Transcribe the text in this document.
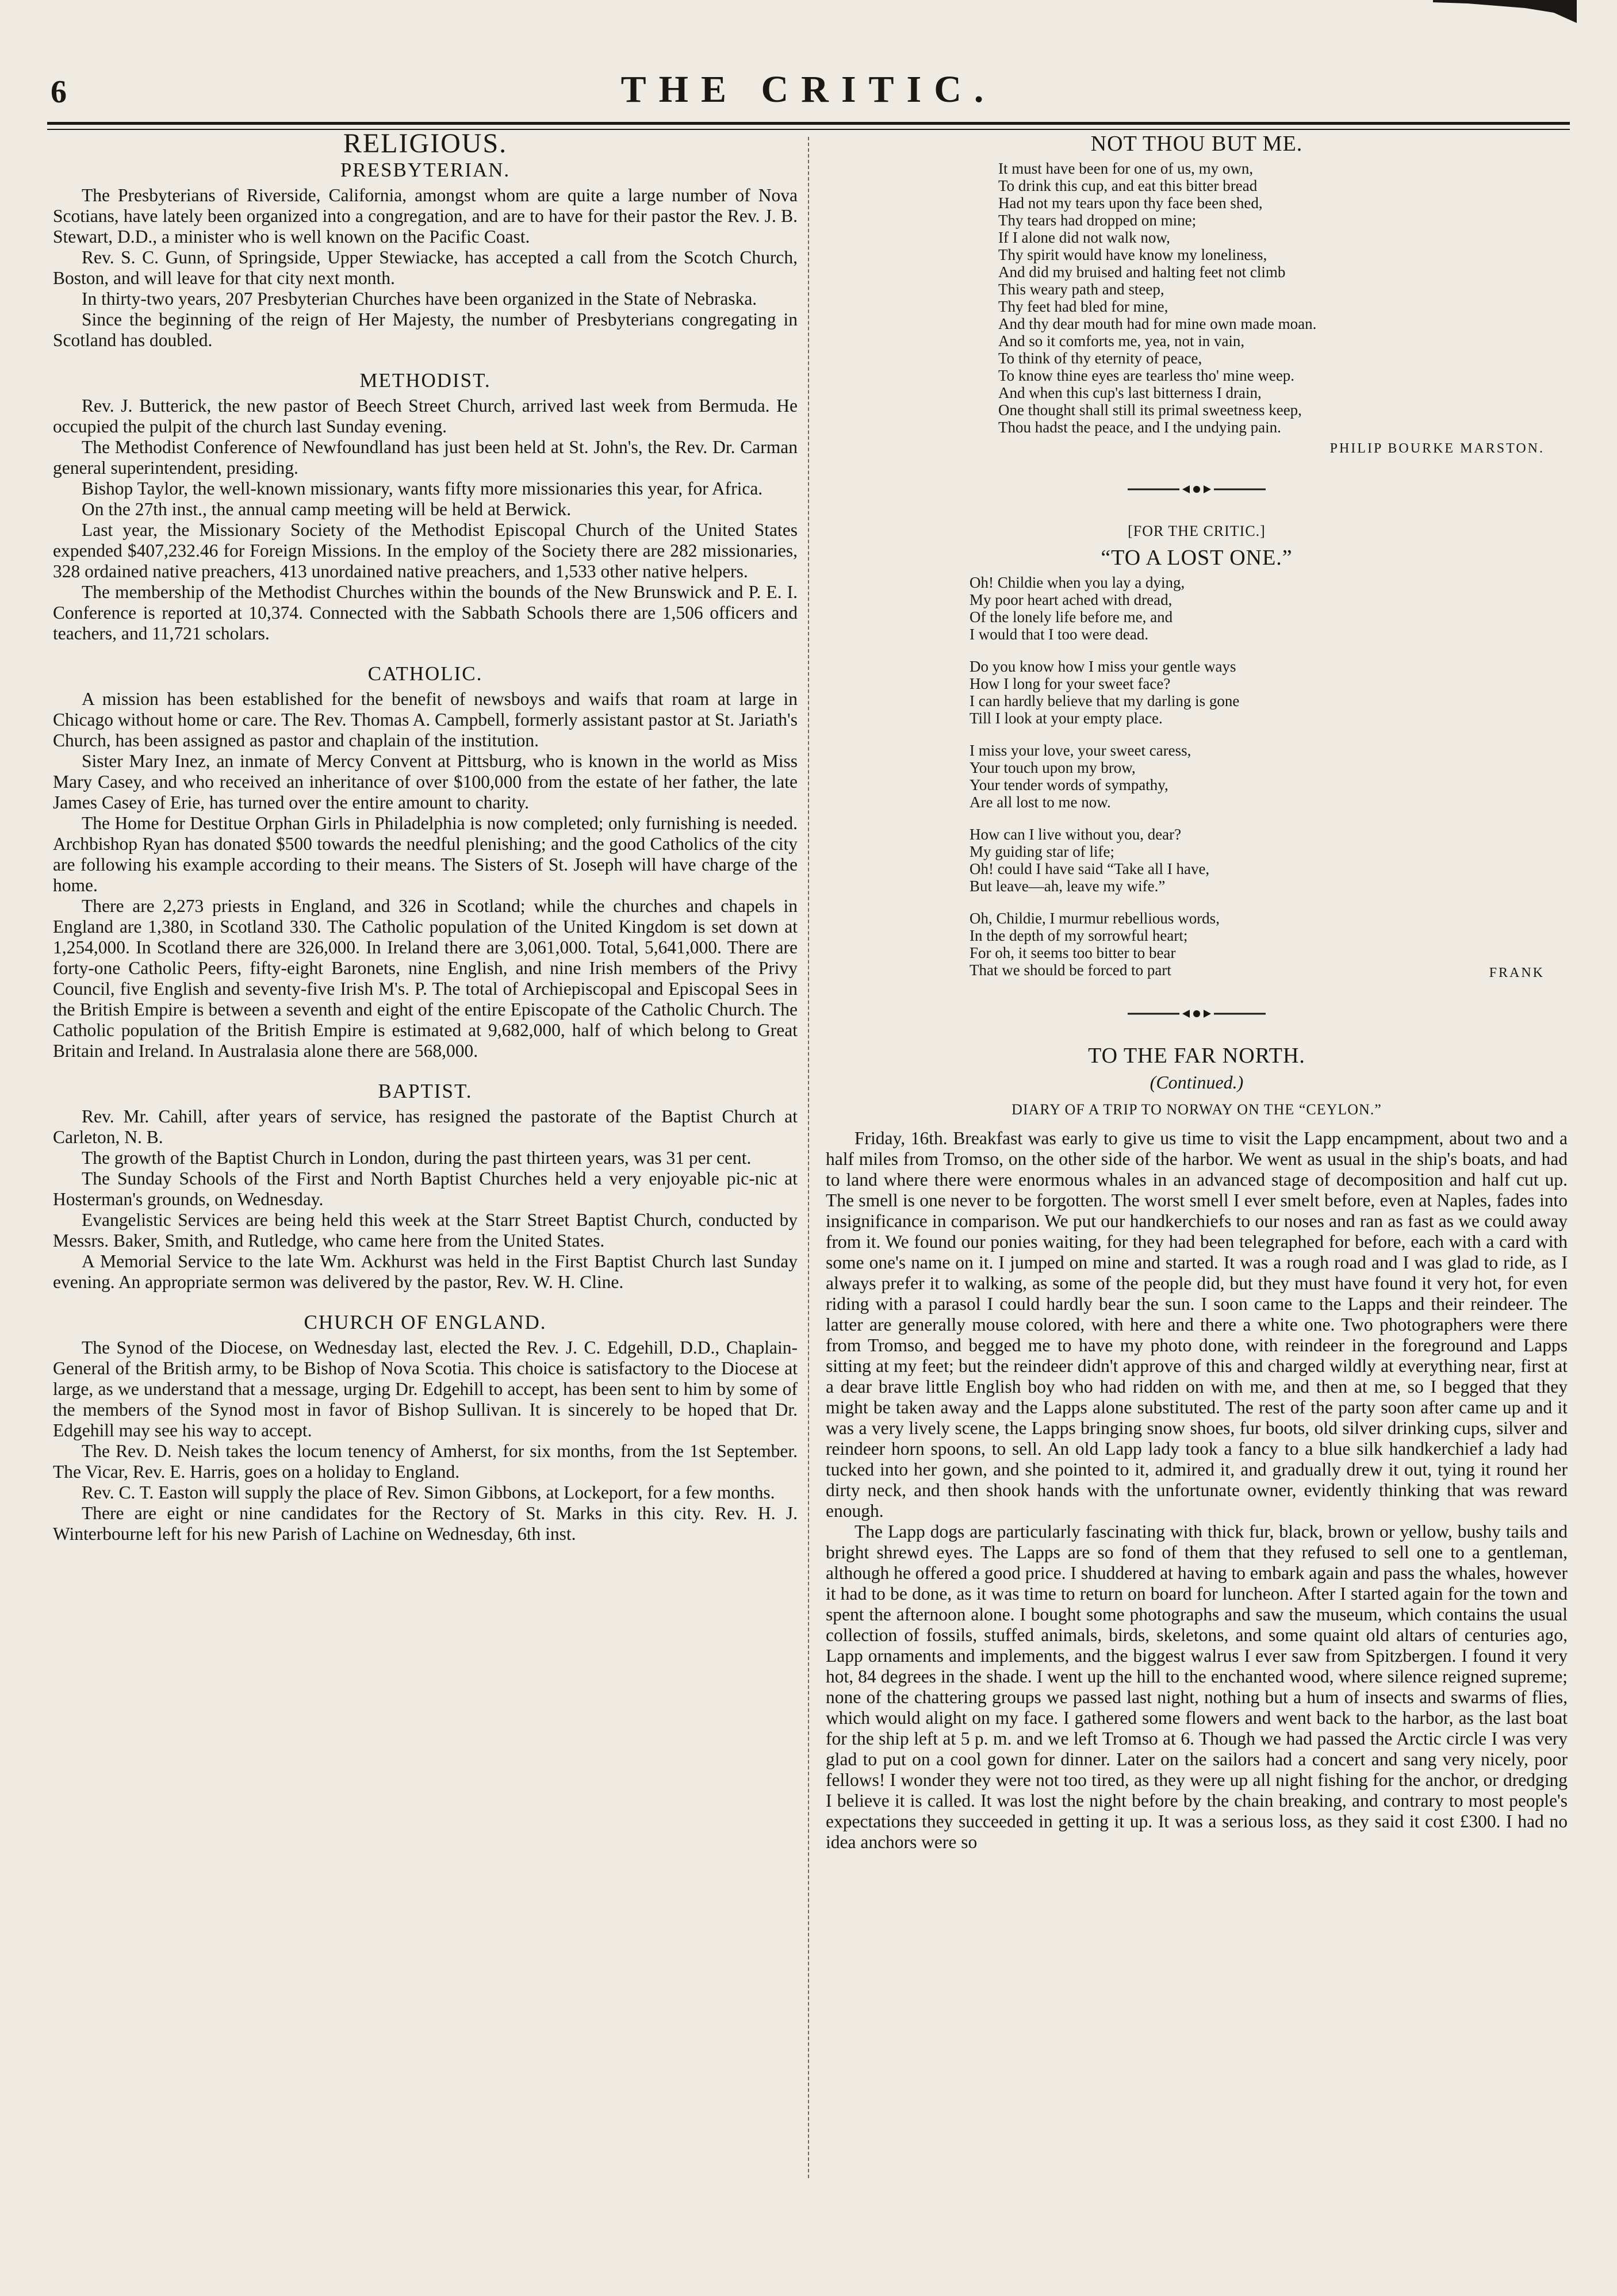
6	THE CRITIC.
RELIGIOUS.
PRESBYTERIAN.

The Presbyterians of Riverside, California, amongst whom are quite a large number of Nova Scotians, have lately been organized into a congregation, and are to have for their pastor the Rev. J. B. Stewart, D.D., a minister who is well known on the Pacific Coast.

Rev. S. C. Gunn, of Springside, Upper Stewiacke, has accepted a call from the Scotch Church, Boston, and will leave for that city next month.

In thirty-two years, 207 Presbyterian Churches have been organized in the State of Nebraska.

Since the beginning of the reign of Her Majesty, the number of Presbyterians congregating in Scotland has doubled.

METHODIST.

Rev. J. Butterick, the new pastor of Beech Street Church, arrived last week from Bermuda. He occupied the pulpit of the church last Sunday evening.

The Methodist Conference of Newfoundland has just been held at St. John's, the Rev. Dr. Carman general superintendent, presiding.

Bishop Taylor, the well-known missionary, wants fifty more missionaries this year, for Africa.

On the 27th inst., the annual camp meeting will be held at Berwick.

Last year, the Missionary Society of the Methodist Episcopal Church of the United States expended $407,232.46 for Foreign Missions. In the employ of the Society there are 282 missionaries, 328 ordained native preachers, 413 unordained native preachers, and 1,533 other native helpers.

The membership of the Methodist Churches within the bounds of the New Brunswick and P. E. I. Conference is reported at 10,374. Connected with the Sabbath Schools there are 1,506 officers and teachers, and 11,721 scholars.

CATHOLIC.

A mission has been established for the benefit of newsboys and waifs that roam at large in Chicago without home or care. The Rev. Thomas A. Campbell, formerly assistant pastor at St. Jariath's Church, has been assigned as pastor and chaplain of the institution.

Sister Mary Inez, an inmate of Mercy Convent at Pittsburg, who is known in the world as Miss Mary Casey, and who received an inheritance of over $100,000 from the estate of her father, the late James Casey of Erie, has turned over the entire amount to charity.

The Home for Destitue Orphan Girls in Philadelphia is now completed; only furnishing is needed. Archbishop Ryan has donated $500 towards the needful plenishing; and the good Catholics of the city are following his example according to their means. The Sisters of St. Joseph will have charge of the home.

There are 2,273 priests in England, and 326 in Scotland; while the churches and chapels in England are 1,380, in Scotland 330. The Catholic population of the United Kingdom is set down at 1,254,000. In Scotland there are 326,000. In Ireland there are 3,061,000. Total, 5,641,000. There are forty-one Catholic Peers, fifty-eight Baronets, nine English, and nine Irish members of the Privy Council, five English and seventy-five Irish M's. P. The total of Archiepiscopal and Episcopal Sees in the British Empire is between a seventh and eight of the entire Episcopate of the Catholic Church. The Catholic population of the British Empire is estimated at 9,682,000, half of which belong to Great Britain and Ireland. In Australasia alone there are 568,000.

BAPTIST.

Rev. Mr. Cahill, after years of service, has resigned the pastorate of the Baptist Church at Carleton, N. B.

The growth of the Baptist Church in London, during the past thirteen years, was 31 per cent.

The Sunday Schools of the First and North Baptist Churches held a very enjoyable pic-nic at Hosterman's grounds, on Wednesday.

Evangelistic Services are being held this week at the Starr Street Baptist Church, conducted by Messrs. Baker, Smith, and Rutledge, who came here from the United States.

A Memorial Service to the late Wm. Ackhurst was held in the First Baptist Church last Sunday evening. An appropriate sermon was delivered by the pastor, Rev. W. H. Cline.

CHURCH OF ENGLAND.

The Synod of the Diocese, on Wednesday last, elected the Rev. J. C. Edgehill, D.D., Chaplain-General of the British army, to be Bishop of Nova Scotia. This choice is satisfactory to the Diocese at large, as we understand that a message, urging Dr. Edgehill to accept, has been sent to him by some of the members of the Synod most in favor of Bishop Sullivan. It is sincerely to be hoped that Dr. Edgehill may see his way to accept.

The Rev. D. Neish takes the locum tenency of Amherst, for six months, from the 1st September. The Vicar, Rev. E. Harris, goes on a holiday to England.

Rev. C. T. Easton will supply the place of Rev. Simon Gibbons, at Lockeport, for a few months.

There are eight or nine candidates for the Rectory of St. Marks in this city. Rev. H. J. Winterbourne left for his new Parish of Lachine on Wednesday, 6th inst.

NOT THOU BUT ME.
It must have been for one of us, my own,
To drink this cup, and eat this bitter bread
Had not my tears upon thy face been shed,
Thy tears had dropped on mine;
If I alone did not walk now,
Thy spirit would have know my loneliness,
And did my bruised and halting feet not climb
This weary path and steep,
Thy feet had bled for mine,
And thy dear mouth had for mine own made moan.
And so it comforts me, yea, not in vain,
To think of thy eternity of peace,
To know thine eyes are tearless tho' mine weep.
And when this cup's last bitterness I drain,
One thought shall still its primal sweetness keep,
Thou hadst the peace, and I the undying pain.
PHILIP BOURKE MARSTON.
[FOR THE CRITIC.]
“TO A LOST ONE.”
Oh! Childie when you lay a dying,
My poor heart ached with dread,
Of the lonely life before me, and
I would that I too were dead.
Do you know how I miss your gentle ways
How I long for your sweet face?
I can hardly believe that my darling is gone
Till I look at your empty place.
I miss your love, your sweet caress,
Your touch upon my brow,
Your tender words of sympathy,
Are all lost to me now.
How can I live without you, dear?
My guiding star of life;
Oh! could I have said “Take all I have,
But leave—ah, leave my wife.”
Oh, Childie, I murmur rebellious words,
In the depth of my sorrowful heart;
For oh, it seems too bitter to bear
That we should be forced to part	FRANK
TO THE FAR NORTH.
(Continued.)
DIARY OF A TRIP TO NORWAY ON THE “CEYLON.”

Friday, 16th. Breakfast was early to give us time to visit the Lapp encampment, about two and a half miles from Tromso, on the other side of the harbor. We went as usual in the ship's boats, and had to land where there were enormous whales in an advanced stage of decomposition and half cut up. The smell is one never to be forgotten. The worst smell I ever smelt before, even at Naples, fades into insignificance in comparison. We put our handkerchiefs to our noses and ran as fast as we could away from it. We found our ponies waiting, for they had been telegraphed for before, each with a card with some one's name on it. I jumped on mine and started. It was a rough road and I was glad to ride, as I always prefer it to walking, as some of the people did, but they must have found it very hot, for even riding with a parasol I could hardly bear the sun. I soon came to the Lapps and their reindeer. The latter are generally mouse colored, with here and there a white one. Two photographers were there from Tromso, and begged me to have my photo done, with reindeer in the foreground and Lapps sitting at my feet; but the reindeer didn't approve of this and charged wildly at everything near, first at a dear brave little English boy who had ridden on with me, and then at me, so I begged that they might be taken away and the Lapps alone substituted. The rest of the party soon after came up and it was a very lively scene, the Lapps bringing snow shoes, fur boots, old silver drinking cups, silver and reindeer horn spoons, to sell. An old Lapp lady took a fancy to a blue silk handkerchief a lady had tucked into her gown, and she pointed to it, admired it, and gradually drew it out, tying it round her dirty neck, and then shook hands with the unfortunate owner, evidently thinking that was reward enough.

The Lapp dogs are particularly fascinating with thick fur, black, brown or yellow, bushy tails and bright shrewd eyes. The Lapps are so fond of them that they refused to sell one to a gentleman, although he offered a good price. I shuddered at having to embark again and pass the whales, however it had to be done, as it was time to return on board for luncheon. After I started again for the town and spent the afternoon alone. I bought some photographs and saw the museum, which contains the usual collection of fossils, stuffed animals, birds, skeletons, and some quaint old altars of centuries ago, Lapp ornaments and implements, and the biggest walrus I ever saw from Spitzbergen. I found it very hot, 84 degrees in the shade. I went up the hill to the enchanted wood, where silence reigned supreme; none of the chattering groups we passed last night, nothing but a hum of insects and swarms of flies, which would alight on my face. I gathered some flowers and went back to the harbor, as the last boat for the ship left at 5 p. m. and we left Tromso at 6. Though we had passed the Arctic circle I was very glad to put on a cool gown for dinner. Later on the sailors had a concert and sang very nicely, poor fellows! I wonder they were not too tired, as they were up all night fishing for the anchor, or dredging I believe it is called. It was lost the night before by the chain breaking, and contrary to most people's expectations they succeeded in getting it up. It was a serious loss, as they said it cost £300. I had no idea anchors were so
